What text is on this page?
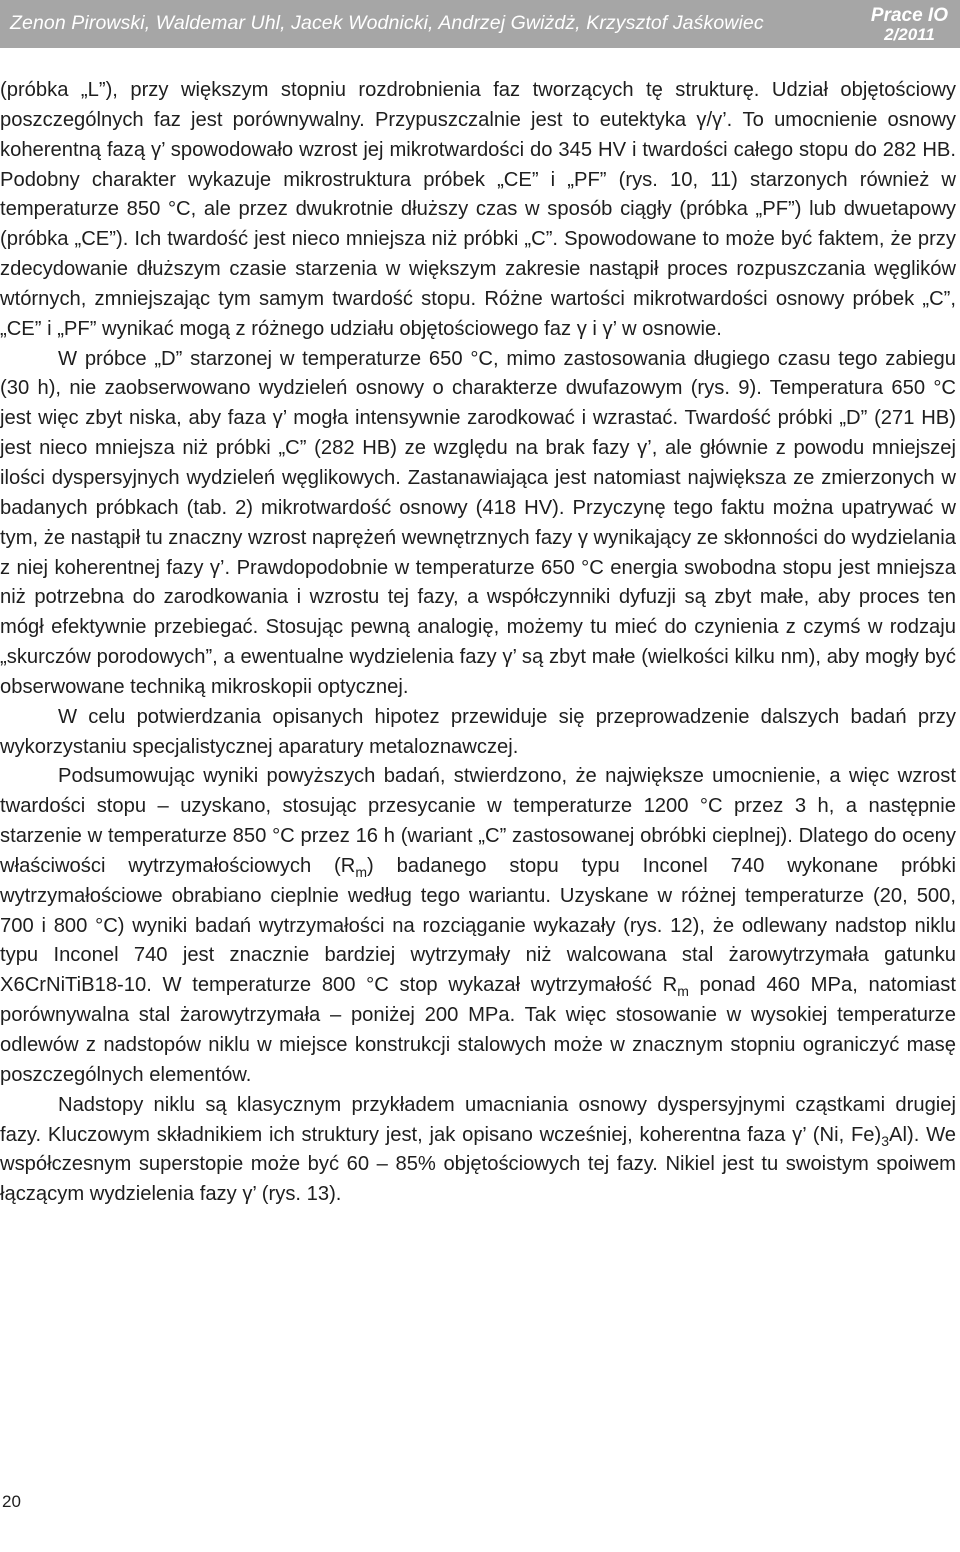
Zenon Pirowski, Waldemar Uhl, Jacek Wodnicki, Andrzej Gwiżdż, Krzysztof Jaśkowiec	Prace IO
2/2011

(próbka „L”), przy większym stopniu rozdrobnienia faz tworzących tę strukturę. Udział objętościowy poszczególnych faz jest porównywalny. Przypuszczalnie jest to eutektyka γ/γ’. To umocnienie osnowy koherentną fazą γ’ spowodowało wzrost jej mikrotwardości do 345 HV i twardości całego stopu do 282 HB. Podobny charakter wykazuje mikrostruktura próbek „CE” i „PF” (rys. 10, 11) starzonych również w temperaturze 850 °C, ale przez dwukrotnie dłuższy czas w sposób ciągły (próbka „PF”) lub dwuetapowy (próbka „CE”). Ich twardość jest nieco mniejsza niż próbki „C”. Spowodowane to może być faktem, że przy zdecydowanie dłuższym czasie starzenia w większym zakresie nastąpił proces rozpuszczania węglików wtórnych, zmniejszając tym samym twardość stopu. Różne wartości mikrotwardości osnowy próbek „C”, „CE” i „PF” wynikać mogą z różnego udziału objętościowego faz γ i γ’ w osnowie.

W próbce „D” starzonej w temperaturze 650 °C, mimo zastosowania długiego czasu tego zabiegu (30 h), nie zaobserwowano wydzieleń osnowy o charakterze dwufazowym (rys. 9). Temperatura 650 °C jest więc zbyt niska, aby faza γ’ mogła intensywnie zarodkować i wzrastać. Twardość próbki „D” (271 HB) jest nieco mniejsza niż próbki „C” (282 HB) ze względu na brak fazy γ’, ale głównie z powodu mniejszej ilości dyspersyjnych wydzieleń węglikowych. Zastanawiająca jest natomiast największa ze zmierzonych w badanych próbkach (tab. 2) mikrotwardość osnowy (418 HV). Przyczynę tego faktu można upatrywać w tym, że nastąpił tu znaczny wzrost naprężeń wewnętrznych fazy γ wynikający ze skłonności do wydzielania z niej koherentnej fazy γ’. Prawdopodobnie w temperaturze 650 °C energia swobodna stopu jest mniejsza niż potrzebna do zarodkowania i wzrostu tej fazy, a współczynniki dyfuzji są zbyt małe, aby proces ten mógł efektywnie przebiegać. Stosując pewną analogię, możemy tu mieć do czynienia z czymś w rodzaju „skurczów porodowych”, a ewentualne wydzielenia fazy γ’ są zbyt małe (wielkości kilku nm), aby mogły być obserwowane techniką mikroskopii optycznej.

W celu potwierdzania opisanych hipotez przewiduje się przeprowadzenie dalszych badań przy wykorzystaniu specjalistycznej aparatury metaloznawczej.

Podsumowując wyniki powyższych badań, stwierdzono, że największe umocnienie, a więc wzrost twardości stopu – uzyskano, stosując przesycanie w temperaturze 1200 °C przez 3 h, a następnie starzenie w temperaturze 850 °C przez 16 h (wariant „C” zastosowanej obróbki cieplnej). Dlatego do oceny właściwości wytrzymałościowych $(R_m)$ badanego stopu typu Inconel 740 wykonane próbki wytrzymałościowe obrabiano cieplnie według tego wariantu. Uzyskane w różnej temperaturze (20, 500, 700 i 800 °C) wyniki badań wytrzymałości na rozciąganie wykazały (rys. 12), że odlewany nadstop niklu typu Inconel 740 jest znacznie bardziej wytrzymały niż walcowana stal żarowytrzymała gatunku X6CrNiTiB18-10. W temperaturze 800 °C stop wykazał wytrzymałość $R_m$ ponad 460 MPa, natomiast porównywalna stal żarowytrzymała – poniżej 200 MPa. Tak więc stosowanie w wysokiej temperaturze odlewów z nadstopów niklu w miejsce konstrukcji stalowych może w znacznym stopniu ograniczyć masę poszczególnych elementów.

Nadstopy niklu są klasycznym przykładem umacniania osnowy dyspersyjnymi cząstkami drugiej fazy. Kluczowym składnikiem ich struktury jest, jak opisano wcześniej, koherentna faza γ’ (Ni, $Fe)_3Al$). We współczesnym superstopie może być 60 – 85% objętościowych tej fazy. Nikiel jest tu swoistym spoiwem łączącym wydzielenia fazy γ’ (rys. 13).

20
